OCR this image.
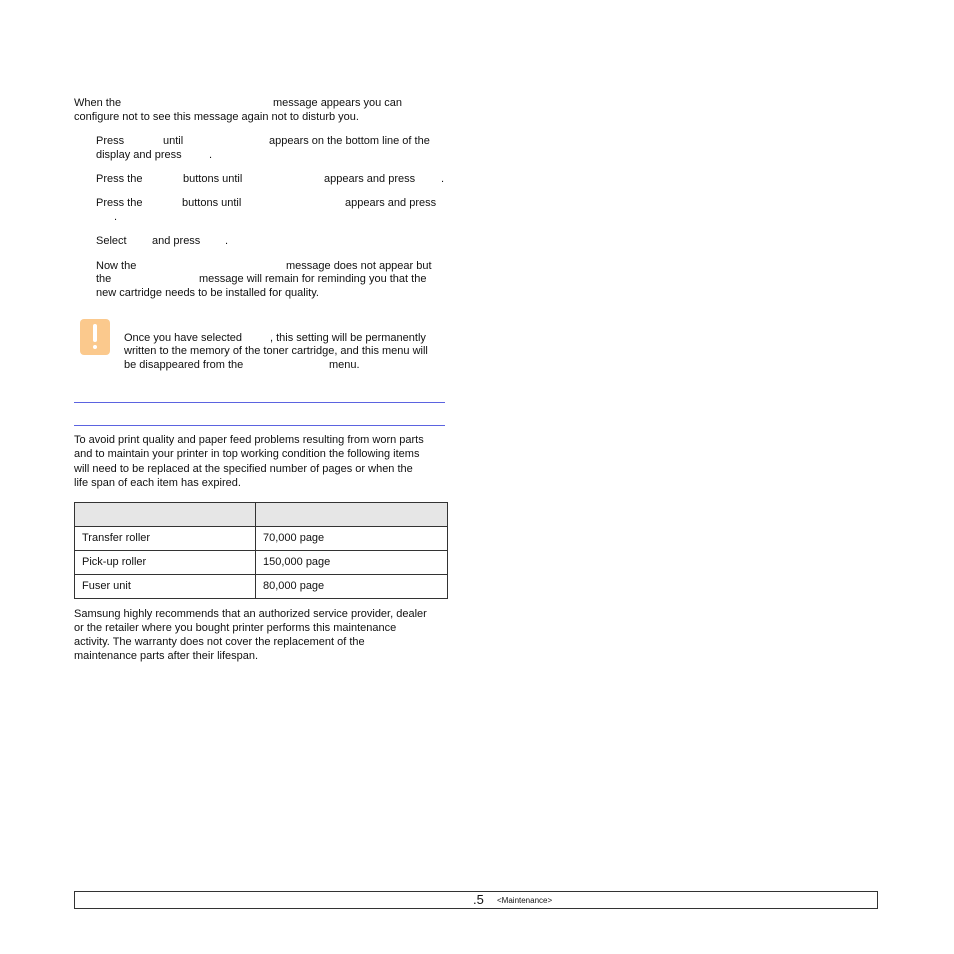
When the	message appears you can
configure not to see this message again not to disturb you.
Press	until	appears on the bottom line of the
display and press .
Press the	buttons until	appears and press .
Press the	buttons until	appears and press
.
Select and press .
Now the	message does not appear but
the	message will remain for reminding you that the
new cartridge needs to be installed for quality.
Once you have selected	, this setting will be permanently
written to the memory of the toner cartridge, and this menu will
be disappeared from the	menu.
To avoid print quality and paper feed problems resulting from worn parts
and to maintain your printer in top working condition the following items
will need to be replaced at the specified number of pages or when the
life span of each item has expired.

Transfer roller	70,000 page
Pick-up roller	150,000 page
Fuser unit	80,000 page
Samsung highly recommends that an authorized service provider, dealer
or the retailer where you bought printer performs this maintenance
activity. The warranty does not cover the replacement of the
maintenance parts after their lifespan.
.5 <Maintenance>
